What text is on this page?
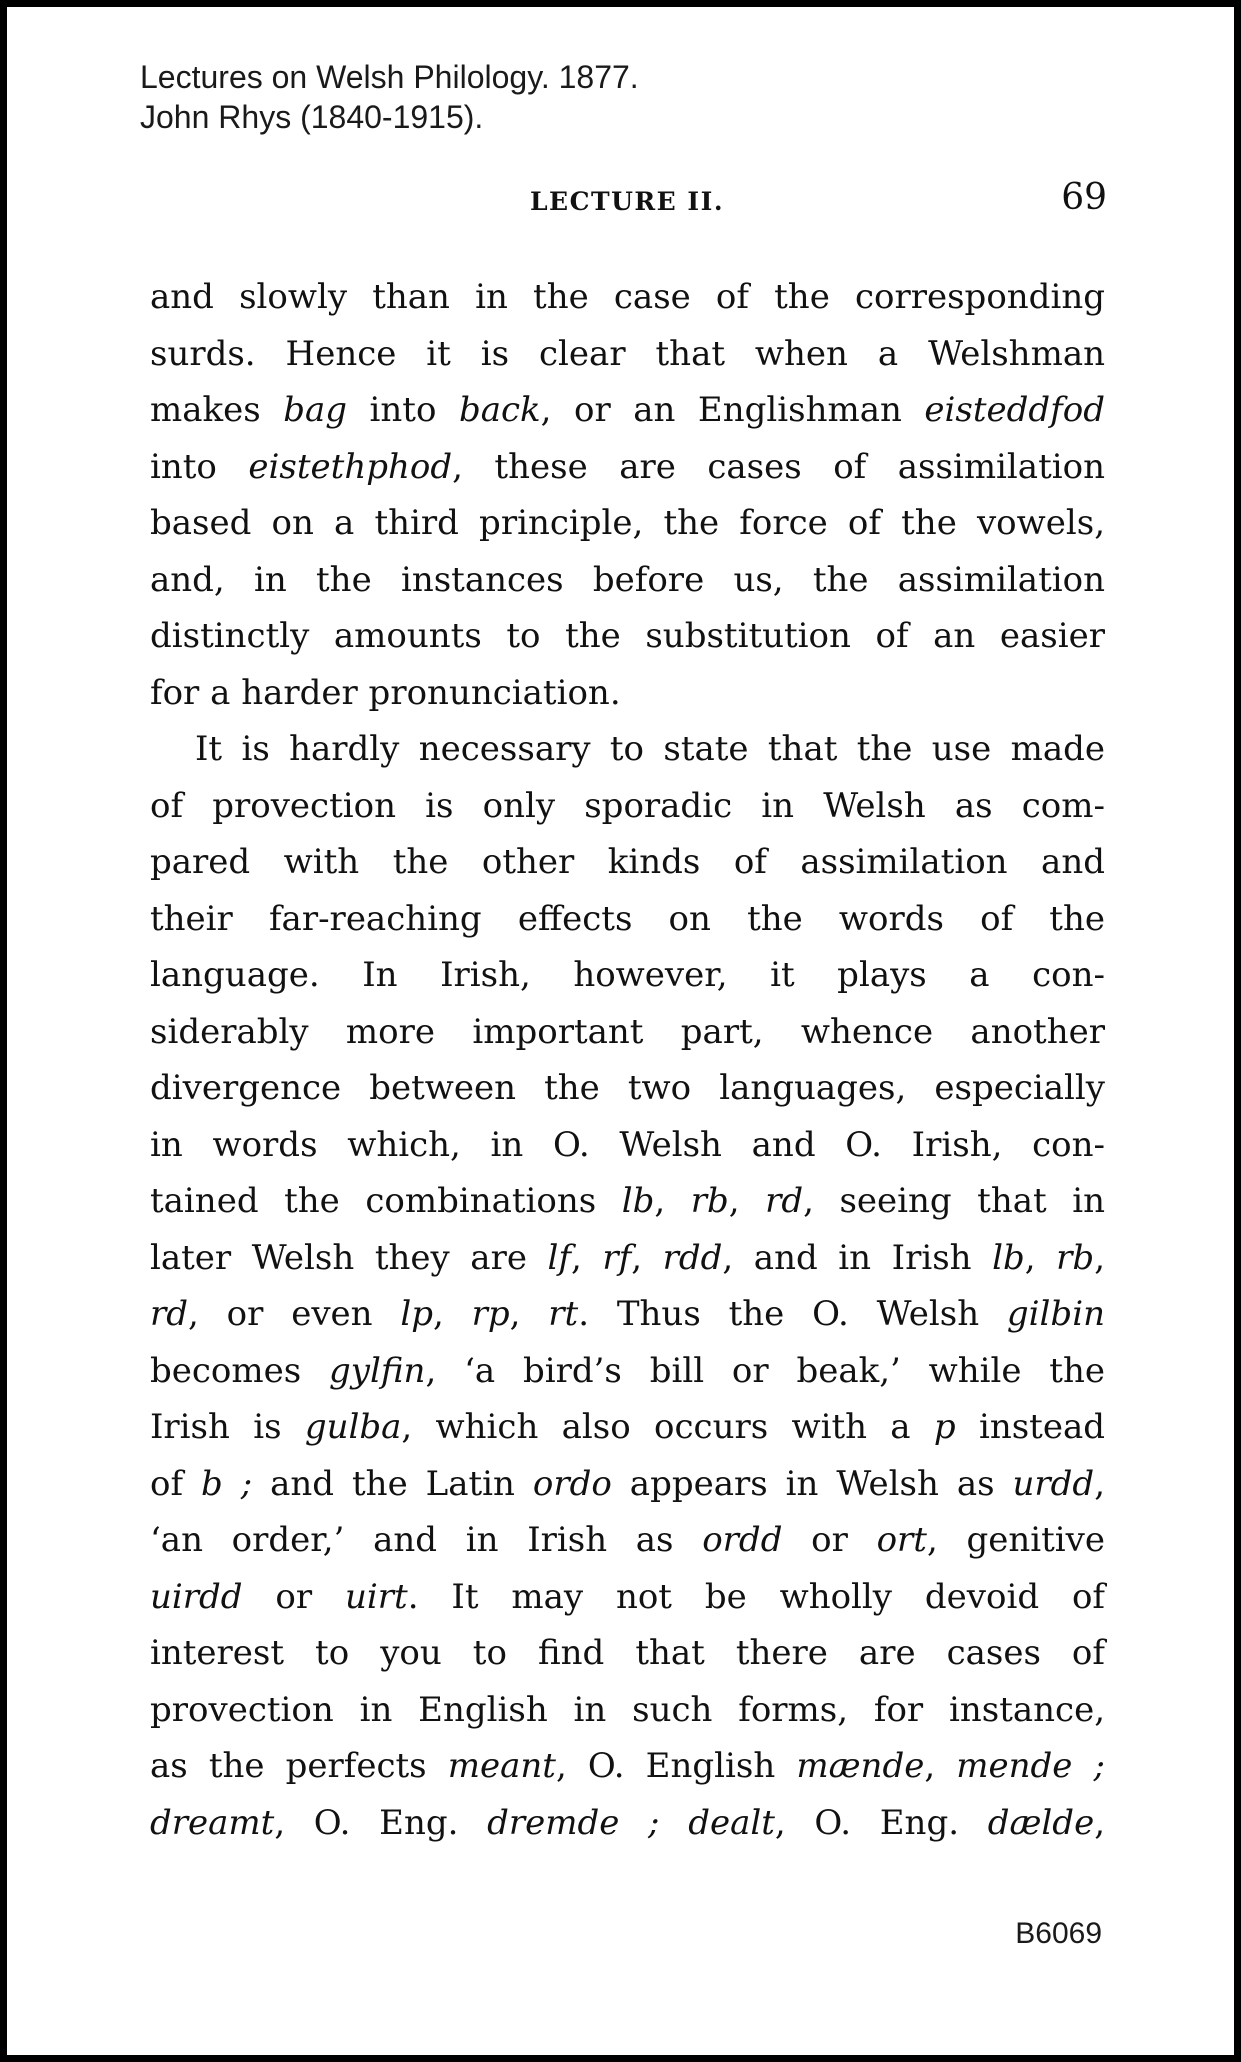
Lectures on Welsh Philology. 1877.
John Rhys (1840-1915).
LECTURE II.	69
and slowly than in the case of the corresponding
surds. Hence it is clear that when a Welshman
makes bag into back, or an Englishman eisteddfod
into eistethphod, these are cases of assimilation
based on a third principle, the force of the vowels,
and, in the instances before us, the assimilation
distinctly amounts to the substitution of an easier
for a harder pronunciation.
It is hardly necessary to state that the use made
of provection is only sporadic in Welsh as com-
pared with the other kinds of assimilation and
their far-reaching effects on the words of the
language. In Irish, however, it plays a con-
siderably more important part, whence another
divergence between the two languages, especially
in words which, in O. Welsh and O. Irish, con-
tained the combinations lb, rb, rd, seeing that in
later Welsh they are lf, rf, rdd, and in Irish lb, rb,
rd, or even lp, rp, rt. Thus the O. Welsh gilbin
becomes gylfin, ‘a bird’s bill or beak,’ while the
Irish is gulba, which also occurs with a p instead
of b ; and the Latin ordo appears in Welsh as urdd,
‘an order,’ and in Irish as ordd or ort, genitive
uirdd or uirt. It may not be wholly devoid of
interest to you to find that there are cases of
provection in English in such forms, for instance,
as the perfects meant, O. English mænde, mende ;
dreamt, O. Eng. dremde ; dealt, O. Eng. dælde,
B6069
